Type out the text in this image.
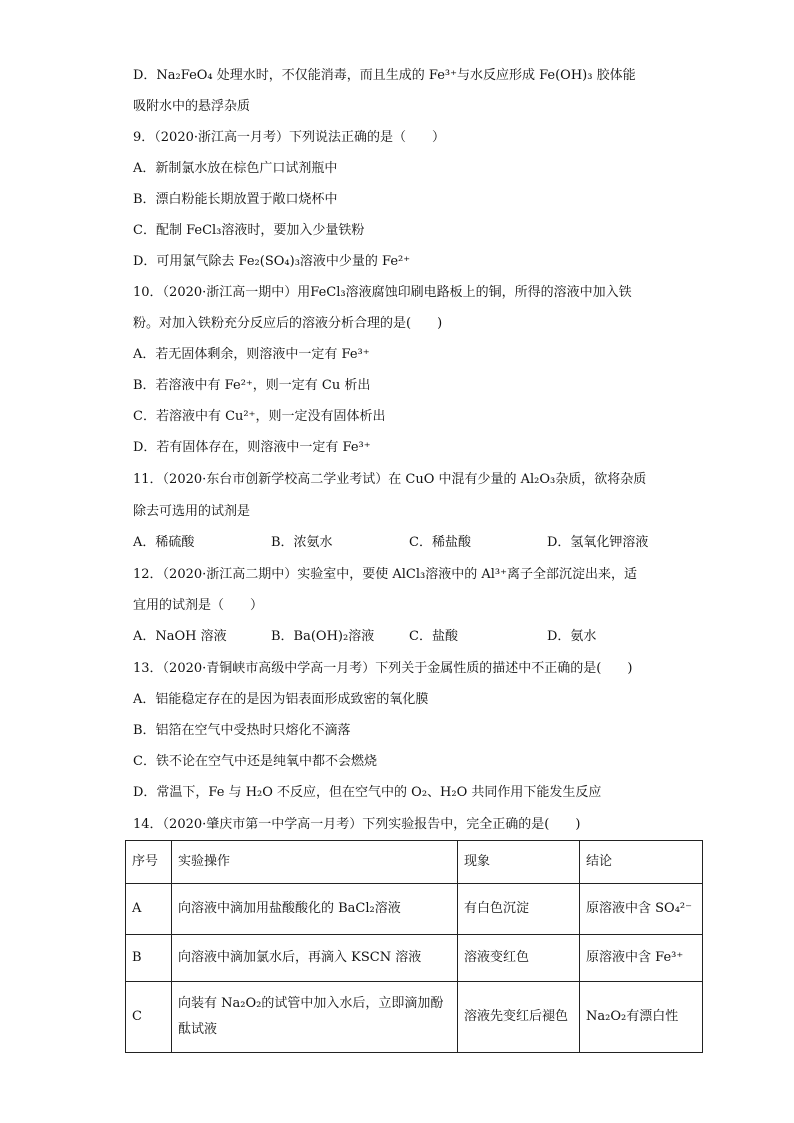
D．Na₂FeO₄ 处理水时，不仅能消毒，而且生成的 Fe³⁺与水反应形成 Fe(OH)₃ 胶体能
吸附水中的悬浮杂质
9．（2020·浙江高一月考）下列说法正确的是（　　）
A．新制氯水放在棕色广口试剂瓶中
B．漂白粉能长期放置于敞口烧杯中
C．配制 FeCl₃溶液时，要加入少量铁粉
D．可用氯气除去 Fe₂(SO₄)₃溶液中少量的 Fe²⁺
10．（2020·浙江高一期中）用FeCl₃溶液腐蚀印刷电路板上的铜，所得的溶液中加入铁
粉。对加入铁粉充分反应后的溶液分析合理的是(　　)
A．若无固体剩余，则溶液中一定有 Fe³⁺
B．若溶液中有 Fe²⁺，则一定有 Cu 析出
C．若溶液中有 Cu²⁺，则一定没有固体析出
D．若有固体存在，则溶液中一定有 Fe³⁺
11．（2020·东台市创新学校高二学业考试）在 CuO 中混有少量的 Al₂O₃杂质，欲将杂质
除去可选用的试剂是
A．稀硫酸	B．浓氨水	C．稀盐酸	D．氢氧化钾溶液
12．（2020·浙江高二期中）实验室中，要使 AlCl₃溶液中的 Al³⁺离子全部沉淀出来，适
宜用的试剂是（　　）
A．NaOH 溶液	B．Ba(OH)₂溶液	C．盐酸	D．氨水
13．（2020·青铜峡市高级中学高一月考）下列关于金属性质的描述中不正确的是(　　)
A．铝能稳定存在的是因为铝表面形成致密的氧化膜
B．铝箔在空气中受热时只熔化不滴落
C．铁不论在空气中还是纯氧中都不会燃烧
D．常温下，Fe 与 H₂O 不反应，但在空气中的 O₂、H₂O 共同作用下能发生反应
14．（2020·肇庆市第一中学高一月考）下列实验报告中，完全正确的是(　　)
序号	实验操作	现象	结论
A	向溶液中滴加用盐酸酸化的 BaCl₂溶液	有白色沉淀	原溶液中含 SO₄²⁻
B	向溶液中滴加氯水后，再滴入 KSCN 溶液	溶液变红色	原溶液中含 Fe³⁺
C	向装有 Na₂O₂的试管中加入水后，立即滴加酚酞试液	溶液先变红后褪色	Na₂O₂有漂白性
